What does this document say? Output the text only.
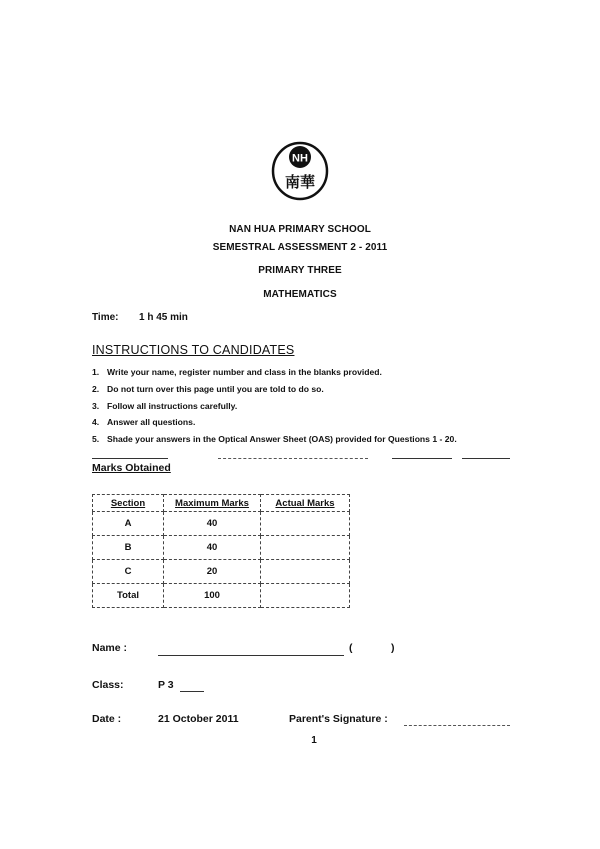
NH
南華
NAN HUA PRIMARY SCHOOL
SEMESTRAL ASSESSMENT 2 - 2011
PRIMARY THREE
MATHEMATICS
Time: 1 h 45 min
INSTRUCTIONS TO CANDIDATES
1. Write your name, register number and class in the blanks provided.
2. Do not turn over this page until you are told to do so.
3. Follow all instructions carefully.
4. Answer all questions.
5. Shade your answers in the Optical Answer Sheet (OAS) provided for Questions 1 - 20.
Marks Obtained
Section	Maximum Marks	Actual Marks
A	40	
B	40	
C	20	
Total	100	
Name :	(	)
Class:	P 3
Date :	21 October 2011	Parent's Signature :
1
